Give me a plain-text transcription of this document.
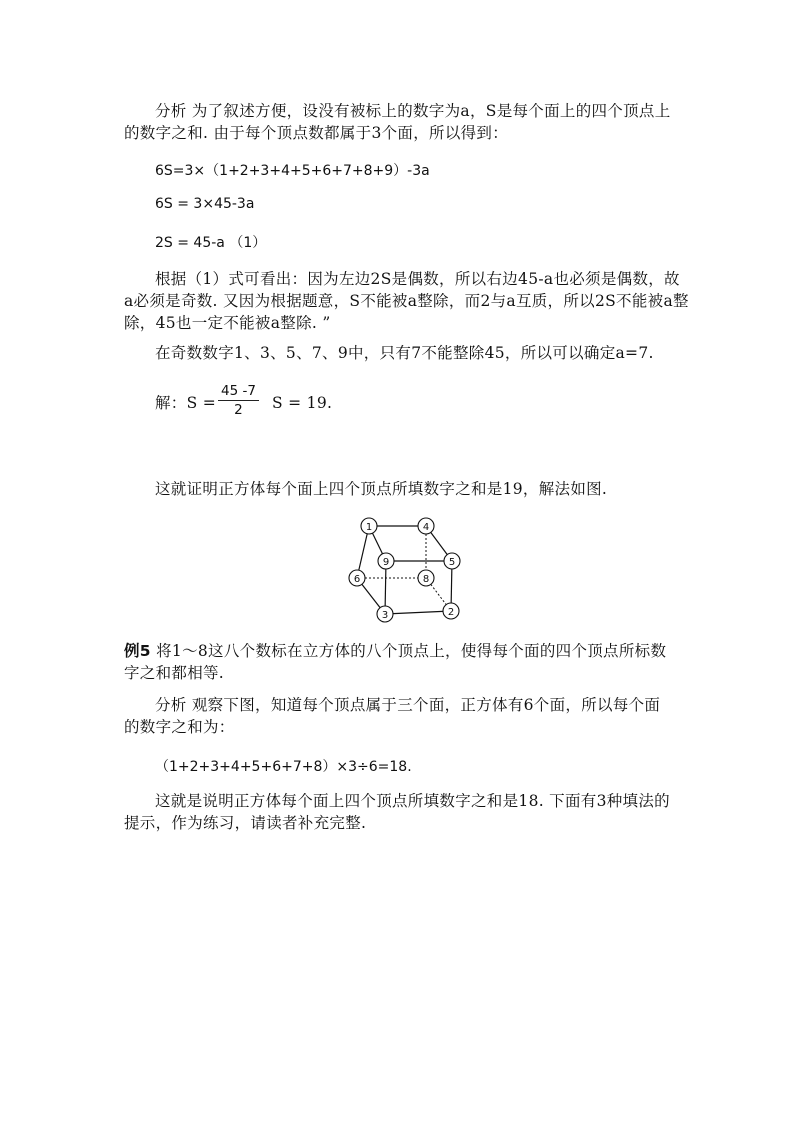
分析 为了叙述方便，设没有被标上的数字为a，S是每个面上的四个顶点上
的数字之和. 由于每个顶点数都属于3个面，所以得到：
6S=3×（1+2+3+4+5+6+7+8+9）-3a
6S = 3×45-3a
2S = 45-a （1）
根据（1）式可看出：因为左边2S是偶数，所以右边45-a也必须是偶数，故
a必须是奇数. 又因为根据题意，S不能被a整除，而2与a互质，所以2S不能被a整
除，45也一定不能被a整除. ”
在奇数数字1、3、5、7、9中，只有7不能整除45，所以可以确定a=7.
解：$S = \frac{45 -7}{2}$ S = 19.
这就证明正方体每个面上四个顶点所填数字之和是19，解法如图.
1	4
9	5
6	8
3	2
例5 将1～8这八个数标在立方体的八个顶点上，使得每个面的四个顶点所标数
字之和都相等.
分析 观察下图，知道每个顶点属于三个面，正方体有6个面，所以每个面
的数字之和为：
（1+2+3+4+5+6+7+8）×3÷6=18.
这就是说明正方体每个面上四个顶点所填数字之和是18. 下面有3种填法的
提示，作为练习，请读者补充完整.
